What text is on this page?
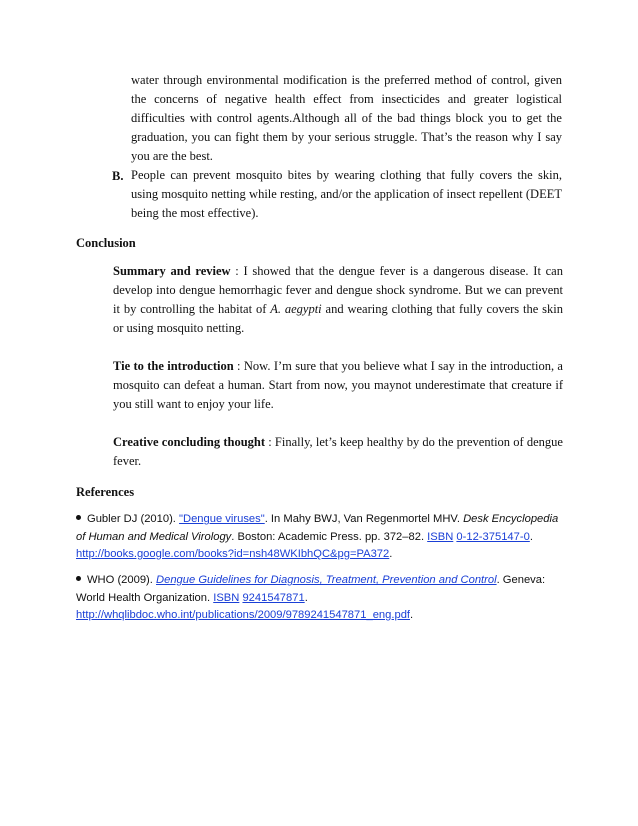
water through environmental modification is the preferred method of control, given the concerns of negative health effect from insecticides and greater logistical difficulties with control agents.Although all of the bad things block you to get the graduation, you can fight them by your serious struggle. That’s the reason why I say you are the best.

B. People can prevent mosquito bites by wearing clothing that fully covers the skin, using mosquito netting while resting, and/or the application of insect repellent (DEET being the most effective).

Conclusion

Summary and review : I showed that the dengue fever is a dangerous disease. It can develop into dengue hemorrhagic fever and dengue shock syndrome. But we can prevent it by controlling the habitat of A. aegypti and wearing clothing that fully covers the skin or using mosquito netting.

Tie to the introduction : Now. I’m sure that you believe what I say in the introduction, a mosquito can defeat a human. Start from now, you maynot underestimate that creature if you still want to enjoy your life.

Creative concluding thought : Finally, let’s keep healthy by do the prevention of dengue fever.

References
Gubler DJ (2010). "Dengue viruses". In Mahy BWJ, Van Regenmortel MHV. Desk Encyclopedia of Human and Medical Virology. Boston: Academic Press. pp. 372–82. ISBN 0-12-375147-0.
http://books.google.com/books?id=nsh48WKIbhQC&pg=PA372.
WHO (2009). Dengue Guidelines for Diagnosis, Treatment, Prevention and Control. Geneva: World Health Organization. ISBN 9241547871.
http://whqlibdoc.who.int/publications/2009/9789241547871_eng.pdf.
